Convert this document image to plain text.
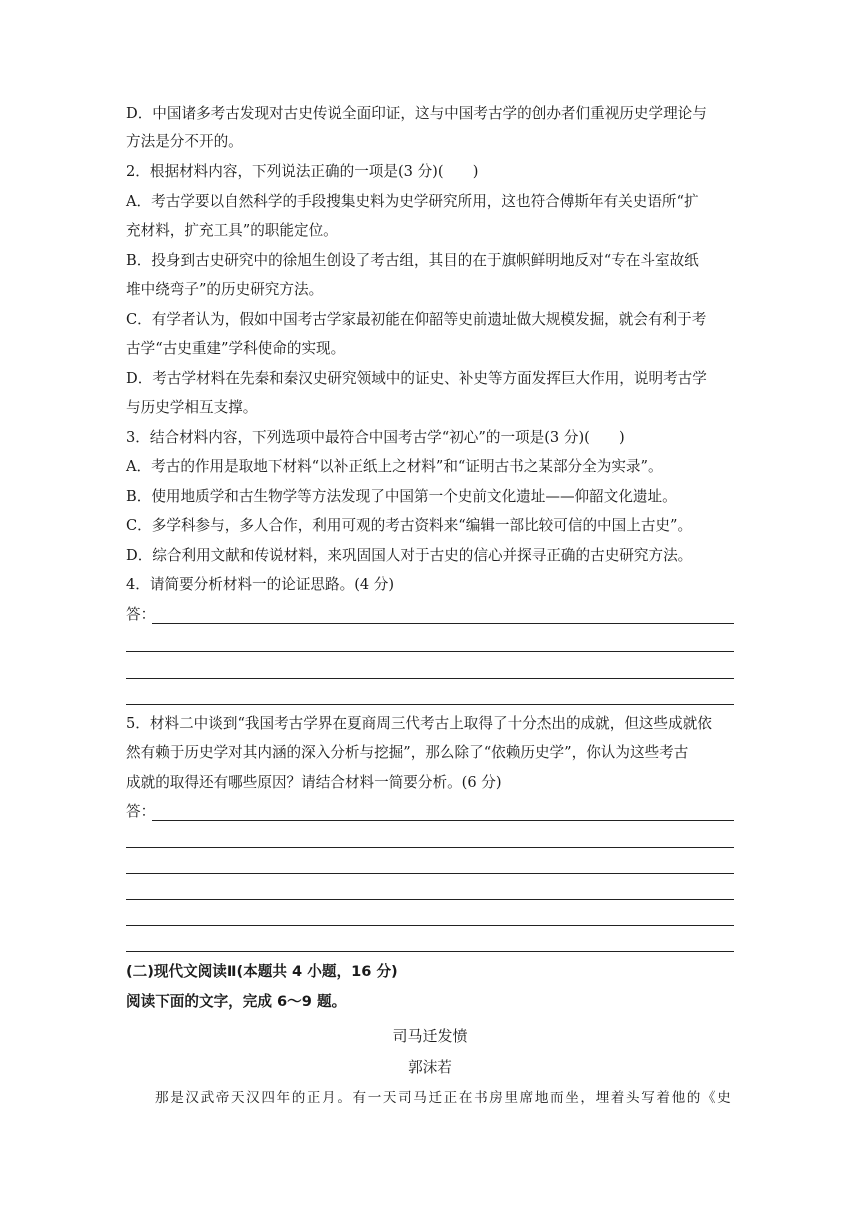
D．中国诸多考古发现对古史传说全面印证，这与中国考古学的创办者们重视历史学理论与
方法是分不开的。
2．根据材料内容，下列说法正确的一项是(3 分)(　　)
A．考古学要以自然科学的手段搜集史料为史学研究所用，这也符合傅斯年有关史语所“扩
充材料，扩充工具”的职能定位。
B．投身到古史研究中的徐旭生创设了考古组，其目的在于旗帜鲜明地反对“专在斗室故纸
堆中绕弯子”的历史研究方法。
C．有学者认为，假如中国考古学家最初能在仰韶等史前遗址做大规模发掘，就会有利于考
古学“古史重建”学科使命的实现。
D．考古学材料在先秦和秦汉史研究领域中的证史、补史等方面发挥巨大作用，说明考古学
与历史学相互支撑。
3．结合材料内容，下列选项中最符合中国考古学“初心”的一项是(3 分)(　　)
A．考古的作用是取地下材料“以补正纸上之材料”和“证明古书之某部分全为实录”。
B．使用地质学和古生物学等方法发现了中国第一个史前文化遗址——仰韶文化遗址。
C．多学科参与，多人合作，利用可观的考古资料来“编辑一部比较可信的中国上古史”。
D．综合利用文献和传说材料，来巩固国人对于古史的信心并探寻正确的古史研究方法。
4．请简要分析材料一的论证思路。(4 分)
答：
5．材料二中谈到“我国考古学界在夏商周三代考古上取得了十分杰出的成就，但这些成就依
然有赖于历史学对其内涵的深入分析与挖掘”，那么除了“依赖历史学”，你认为这些考古
成就的取得还有哪些原因？请结合材料一简要分析。(6 分)
答：
(二)现代文阅读Ⅱ(本题共 4 小题，16 分)
阅读下面的文字，完成 6～9 题。
司马迁发愤
郭沫若
那是汉武帝天汉四年的正月。有一天司马迁正在书房里席地而坐，埋着头写着他的《史
